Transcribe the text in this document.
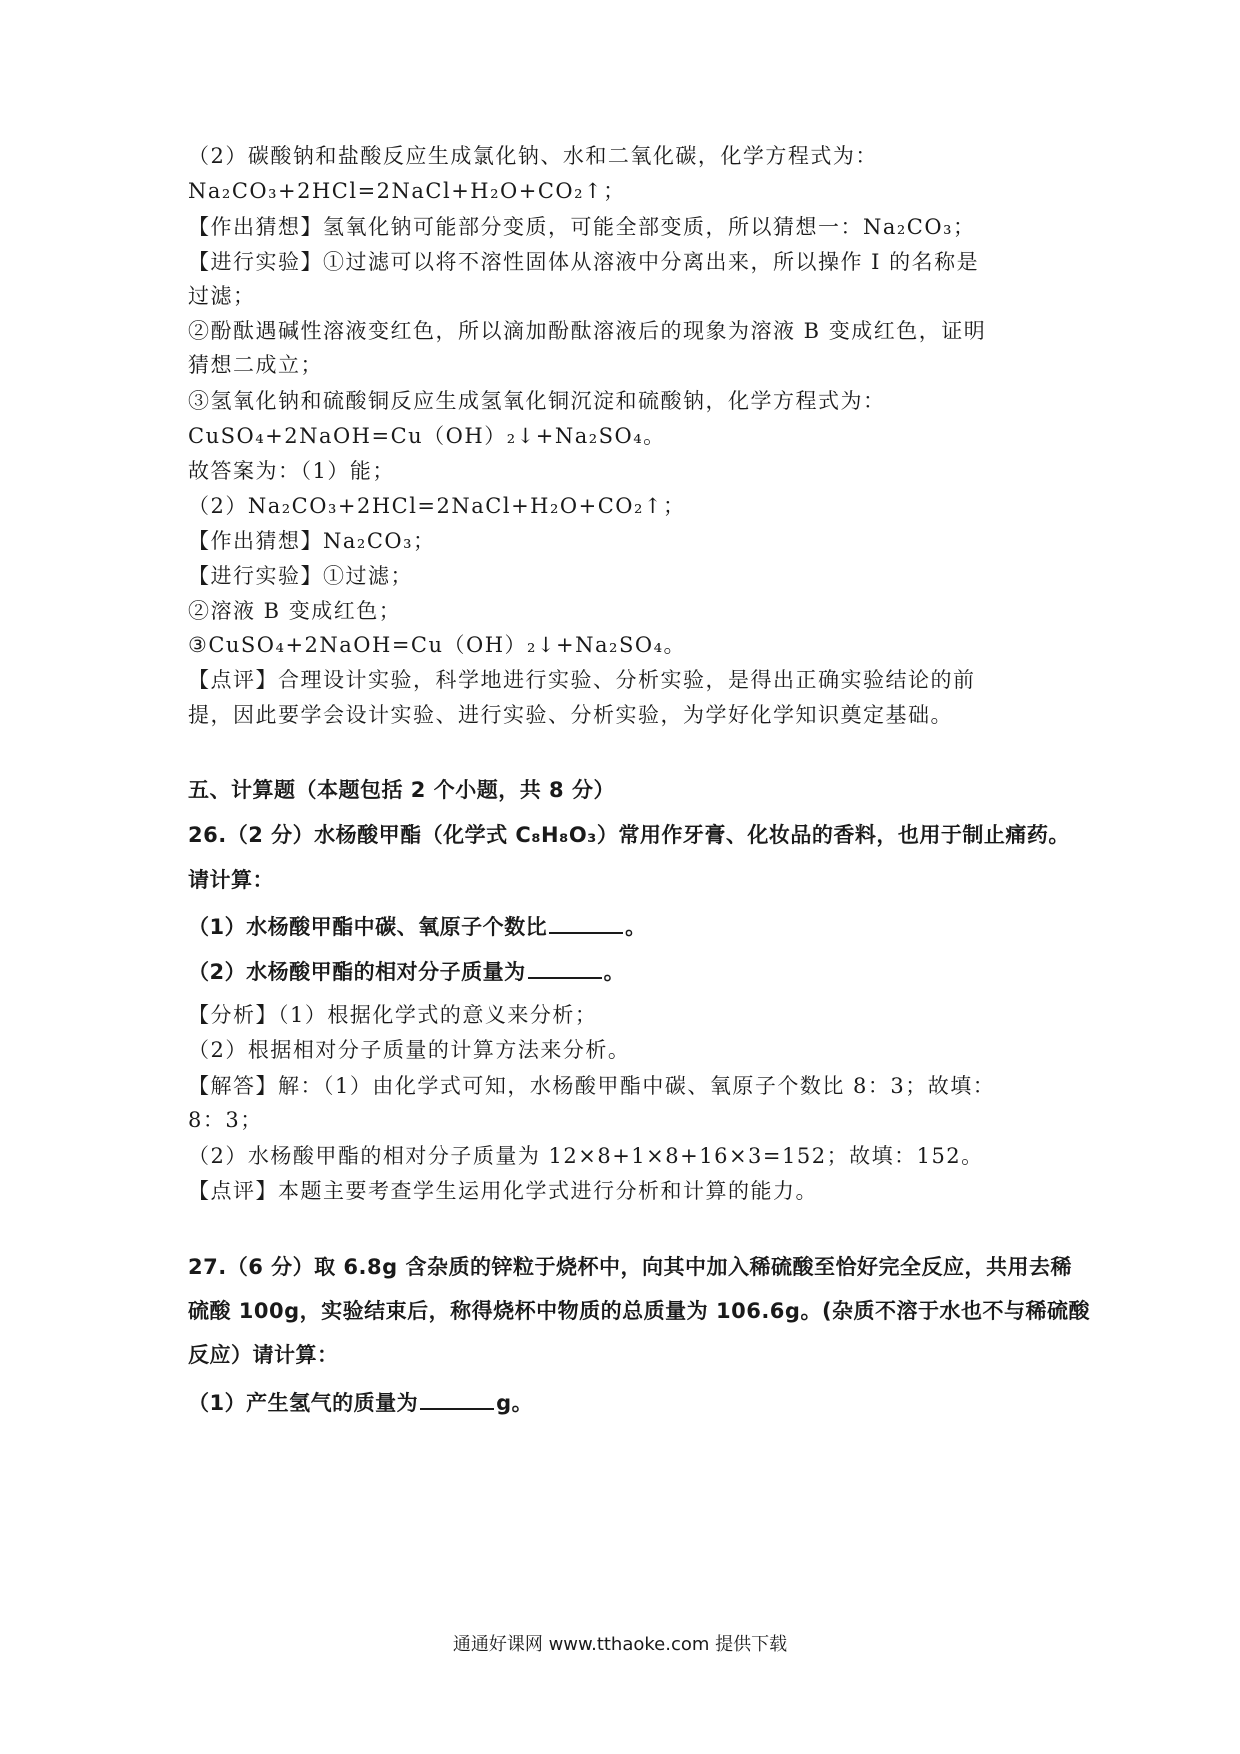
（2）碳酸钠和盐酸反应生成氯化钠、水和二氧化碳，化学方程式为：
Na₂CO₃+2HCl=2NaCl+H₂O+CO₂↑；
【作出猜想】氢氧化钠可能部分变质，可能全部变质，所以猜想一：Na₂CO₃；
【进行实验】①过滤可以将不溶性固体从溶液中分离出来，所以操作 I 的名称是
过滤；
②酚酞遇碱性溶液变红色，所以滴加酚酞溶液后的现象为溶液 B 变成红色，证明
猜想二成立；
③氢氧化钠和硫酸铜反应生成氢氧化铜沉淀和硫酸钠，化学方程式为：
CuSO₄+2NaOH=Cu（OH）₂↓+Na₂SO₄。
故答案为：（1）能；
（2）Na₂CO₃+2HCl=2NaCl+H₂O+CO₂↑；
【作出猜想】Na₂CO₃；
【进行实验】①过滤；
②溶液 B 变成红色；
③CuSO₄+2NaOH=Cu（OH）₂↓+Na₂SO₄。
【点评】合理设计实验，科学地进行实验、分析实验，是得出正确实验结论的前
提，因此要学会设计实验、进行实验、分析实验，为学好化学知识奠定基础。
五、计算题（本题包括 2 个小题，共 8 分）
26.（2 分）水杨酸甲酯（化学式 C₈H₈O₃）常用作牙膏、化妆品的香料，也用于制止痛药。
请计算：
（1）水杨酸甲酯中碳、氧原子个数比	。
（2）水杨酸甲酯的相对分子质量为	。
【分析】（1）根据化学式的意义来分析；
（2）根据相对分子质量的计算方法来分析。
【解答】解：（1）由化学式可知，水杨酸甲酯中碳、氧原子个数比 8：3；故填：
8：3；
（2）水杨酸甲酯的相对分子质量为 12×8+1×8+16×3=152；故填：152。
【点评】本题主要考查学生运用化学式进行分析和计算的能力。
27.（6 分）取 6.8g 含杂质的锌粒于烧杯中，向其中加入稀硫酸至恰好完全反应，共用去稀
硫酸 100g，实验结束后，称得烧杯中物质的总质量为 106.6g。(杂质不溶于水也不与稀硫酸
反应）请计算：
（1）产生氢气的质量为	g。
通通好课网 www.tthaoke.com 提供下载
